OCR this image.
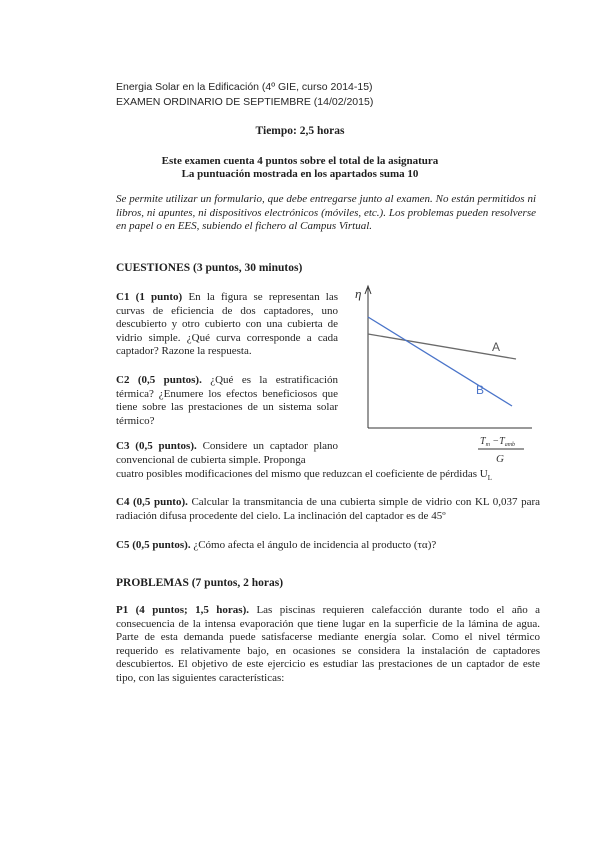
Energia Solar en la Edificación (4º GIE, curso 2014-15)
EXAMEN ORDINARIO DE SEPTIEMBRE (14/02/2015)
Tiempo: 2,5 horas
Este examen cuenta 4 puntos sobre el total de la asignatura
La puntuación mostrada en los apartados suma 10
Se permite utilizar un formulario, que debe entregarse junto al examen. No están permitidos ni libros, ni apuntes, ni dispositivos electrónicos (móviles, etc.). Los problemas pueden resolverse en papel o en EES, subiendo el fichero al Campus Virtual.
CUESTIONES (3 puntos, 30 minutos)
C1 (1 punto) En la figura se representan las curvas de eficiencia de dos captadores, uno descubierto y otro cubierto con una cubierta de vidrio simple. ¿Qué curva corresponde a cada captador? Razone la respuesta.
C2 (0,5 puntos). ¿Qué es la estratificación térmica? ¿Enumere los efectos beneficiosos que tiene sobre las prestaciones de un sistema solar térmico?
C3 (0,5 puntos). Considere un captador plano convencional de cubierta simple. Proponga
cuatro posibles modificaciones del mismo que reduzcan el coeficiente de pérdidas $U_L$
C4 (0,5 punto). Calcular la transmitancia de una cubierta simple de vidrio con KL 0,037 para radiación difusa procedente del cielo. La inclinación del captador es de 45º
C5 (0,5 puntos). ¿Cómo afecta el ángulo de incidencia al producto (τα)?
η
A
B
$T_m -T_{amb}$
G
PROBLEMAS (7 puntos, 2 horas)
P1 (4 puntos; 1,5 horas). Las piscinas requieren calefacción durante todo el año a consecuencia de la intensa evaporación que tiene lugar en la superficie de la lámina de agua. Parte de esta demanda puede satisfacerse mediante energía solar. Como el nivel térmico requerido es relativamente bajo, en ocasiones se considera la instalación de captadores descubiertos. El objetivo de este ejercicio es estudiar las prestaciones de un captador de este tipo, con las siguientes características:
